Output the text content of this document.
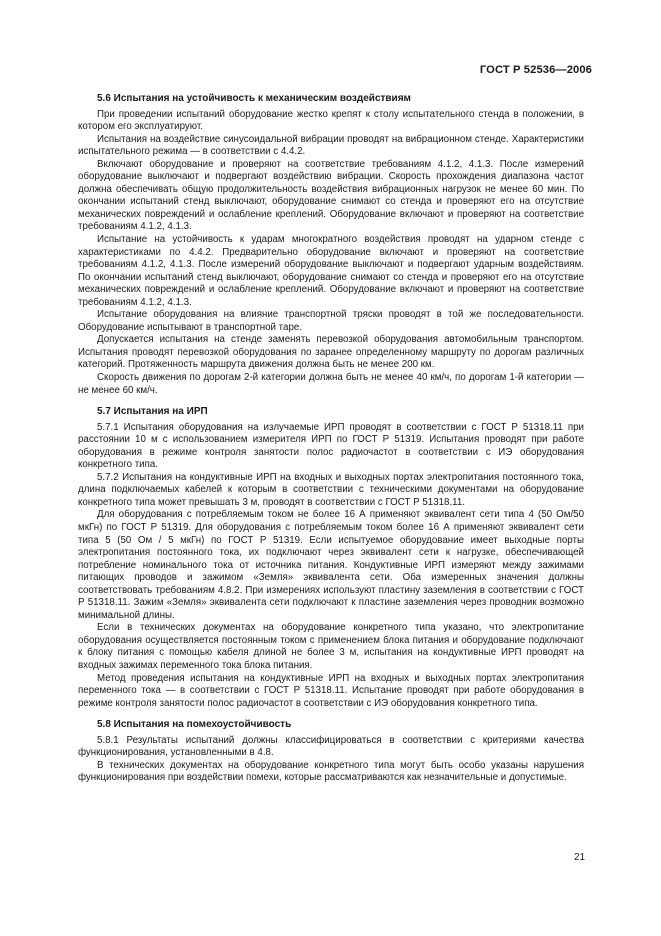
ГОСТ Р 52536—2006
5.6 Испытания на устойчивость к механическим воздействиям

При проведении испытаний оборудование жестко крепят к столу испытательного стенда в положении, в котором его эксплуатируют.

Испытания на воздействие синусоидальной вибрации проводят на вибрационном стенде. Характеристики испытательного режима — в соответствии с 4.4.2.

Включают оборудование и проверяют на соответствие требованиям 4.1.2, 4.1.3. После измерений оборудование выключают и подвергают воздействию вибрации. Скорость прохождения диапазона частот должна обеспечивать общую продолжительность воздействия вибрационных нагрузок не менее 60 мин. По окончании испытаний стенд выключают, оборудование снимают со стенда и проверяют его на отсутствие механических повреждений и ослабление креплений. Оборудование включают и проверяют на соответствие требованиям 4.1.2, 4.1.3.

Испытание на устойчивость к ударам многократного воздействия проводят на ударном стенде с характеристиками по 4.4.2. Предварительно оборудование включают и проверяют на соответствие требованиям 4.1.2, 4.1.3. После измерений оборудование выключают и подвергают ударным воздействиям. По окончании испытаний стенд выключают, оборудование снимают со стенда и проверяют его на отсутствие механических повреждений и ослабление креплений. Оборудование включают и проверяют на соответствие требованиям 4.1.2, 4.1.3.

Испытание оборудования на влияние транспортной тряски проводят в той же последовательности. Оборудование испытывают в транспортной таре.

Допускается испытания на стенде заменять перевозкой оборудования автомобильным транспортом. Испытания проводят перевозкой оборудования по заранее определенному маршруту по дорогам различных категорий. Протяженность маршрута движения должна быть не менее 200 км.

Скорость движения по дорогам 2-й категории должна быть не менее 40 км/ч, по дорогам 1-й категории — не менее 60 км/ч.

5.7 Испытания на ИРП

5.7.1 Испытания оборудования на излучаемые ИРП проводят в соответствии с ГОСТ Р 51318.11 при расстоянии 10 м с использованием измерителя ИРП по ГОСТ Р 51319. Испытания проводят при работе оборудования в режиме контроля занятости полос радиочастот в соответствии с ИЭ оборудования конкретного типа.

5.7.2 Испытания на кондуктивные ИРП на входных и выходных портах электропитания постоянного тока, длина подключаемых кабелей к которым в соответствии с техническими документами на оборудование конкретного типа может превышать 3 м, проводят в соответствии с ГОСТ Р 51318.11.

Для оборудования с потребляемым током не более 16 А применяют эквивалент сети типа 4 (50 Ом/50 мкГн) по ГОСТ Р 51319. Для оборудования с потребляемым током более 16 А применяют эквивалент сети типа 5 (50 Ом / 5 мкГн) по ГОСТ Р 51319. Если испытуемое оборудование имеет выходные порты электропитания постоянного тока, их подключают через эквивалент сети к нагрузке, обеспечивающей потребление номинального тока от источника питания. Кондуктивные ИРП измеряют между зажимами питающих проводов и зажимом «Земля» эквивалента сети. Оба измеренных значения должны соответствовать требованиям 4.8.2. При измерениях используют пластину заземления в соответствии с ГОСТ Р 51318.11. Зажим «Земля» эквивалента сети подключают к пластине заземления через проводник возможно минимальной длины.

Если в технических документах на оборудование конкретного типа указано, что электропитание оборудования осуществляется постоянным током с применением блока питания и оборудование подключают к блоку питания с помощью кабеля длиной не более 3 м, испытания на кондуктивные ИРП проводят на входных зажимах переменного тока блока питания.

Метод проведения испытания на кондуктивные ИРП на входных и выходных портах электропитания переменного тока — в соответствии с ГОСТ Р 51318.11. Испытание проводят при работе оборудования в режиме контроля занятости полос радиочастот в соответствии с ИЭ оборудования конкретного типа.

5.8 Испытания на помехоустойчивость

5.8.1 Результаты испытаний должны классифицироваться в соответствии с критериями качества функционирования, установленными в 4.8.

В технических документах на оборудование конкретного типа могут быть особо указаны нарушения функционирования при воздействии помехи, которые рассматриваются как незначительные и допустимые.

21
